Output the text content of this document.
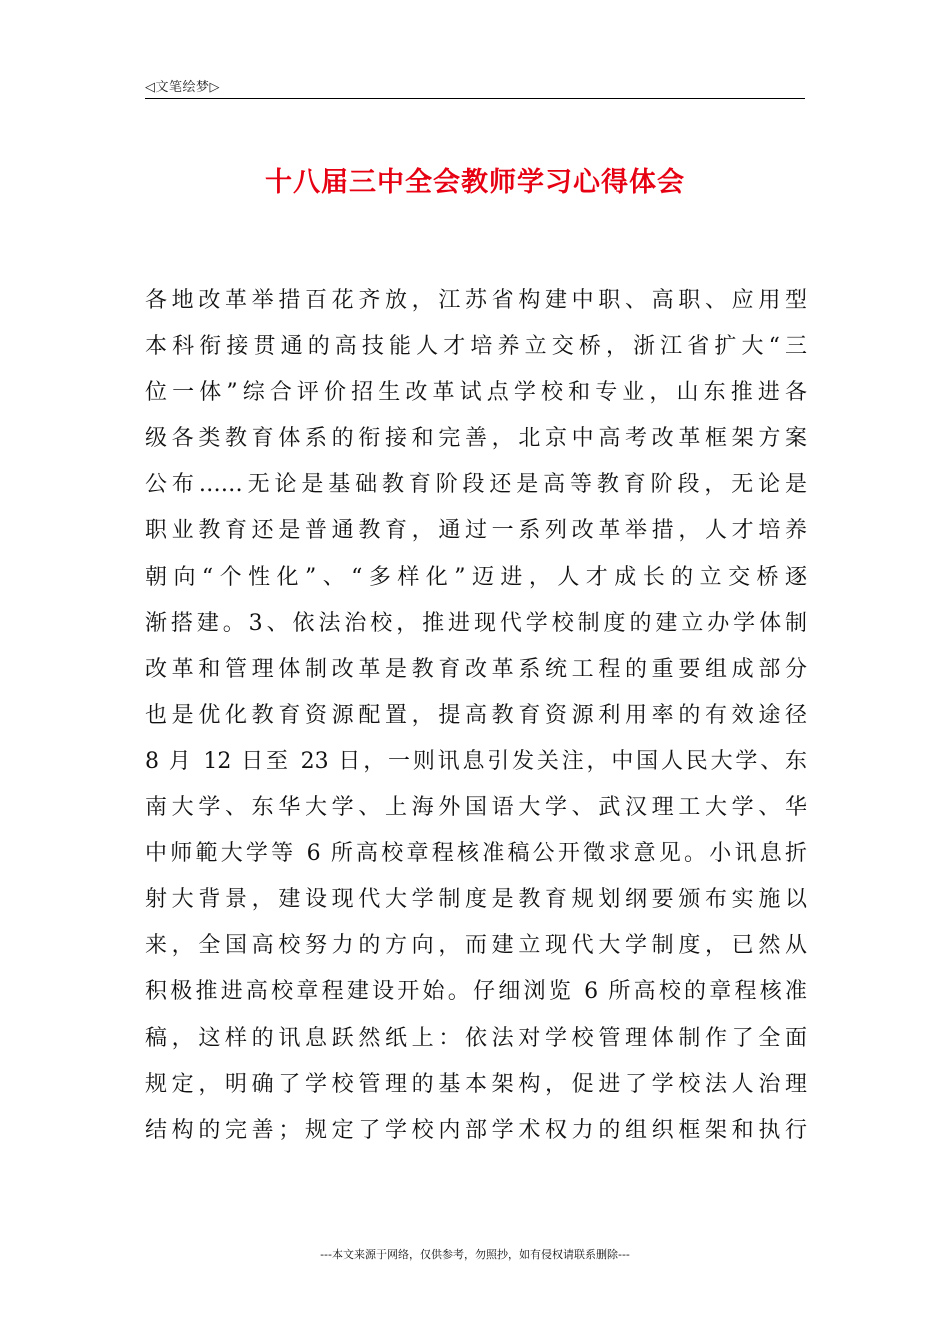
◁文笔绘梦▷
十八届三中全会教师学习心得体会
各地改革举措百花齐放，江苏省构建中职、高职、应用型
本科衔接贯通的高技能人才培养立交桥，浙江省扩大“三
位一体”综合评价招生改革试点学校和专业，山东推进各
级各类教育体系的衔接和完善，北京中高考改革框架方案
公布……无论是基础教育阶段还是高等教育阶段，无论是
职业教育还是普通教育，通过一系列改革举措，人才培养
朝向“个性化”、“多样化”迈进，人才成长的立交桥逐
渐搭建。3、依法治校，推进现代学校制度的建立办学体制
改革和管理体制改革是教育改革系统工程的重要组成部分
也是优化教育资源配置，提高教育资源利用率的有效途径
8 月 12 日至 23 日，一则讯息引发关注，中国人民大学、东
南大学、东华大学、上海外国语大学、武汉理工大学、华
中师範大学等 6 所高校章程核准稿公开徵求意见。小讯息折
射大背景，建设现代大学制度是教育规划纲要颁布实施以
来，全国高校努力的方向，而建立现代大学制度，已然从
积极推进高校章程建设开始。仔细浏览 6 所高校的章程核准
稿，这样的讯息跃然纸上：依法对学校管理体制作了全面
规定，明确了学校管理的基本架构，促进了学校法人治理
结构的完善；规定了学校内部学术权力的组织框架和执行
---本文来源于网络，仅供参考，勿照抄，如有侵权请联系删除---
